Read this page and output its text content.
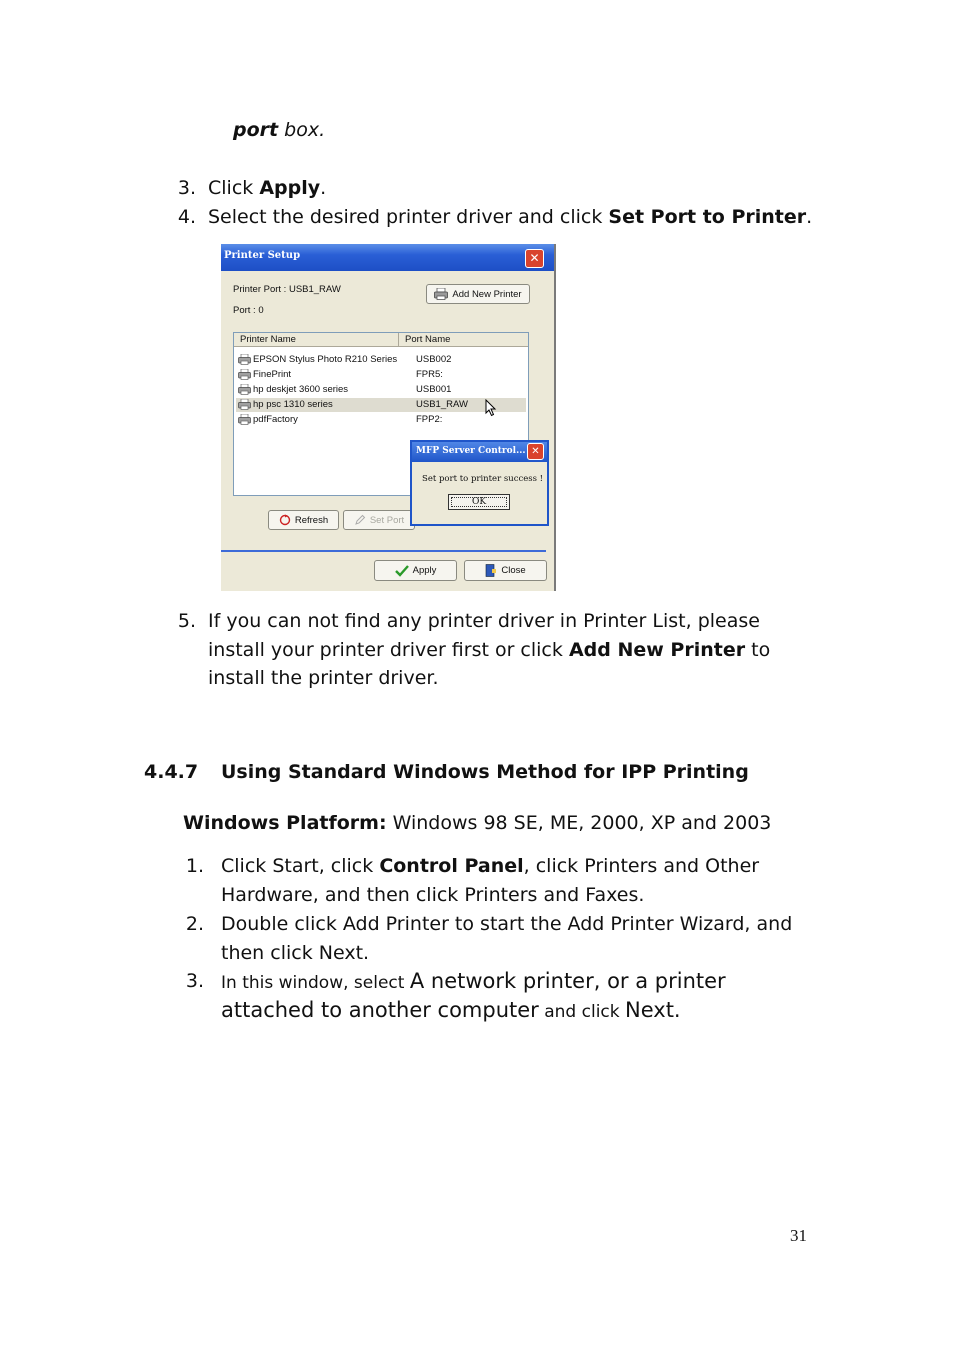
port box.
3. Click Apply.
4. Select the desired printer driver and click Set Port to Printer.
Printer Setup	✕
Printer Port : USB1_RAW
Port : 0
Add New Printer
Printer Name	Port Name
EPSON Stylus Photo R210 Series USB002
FinePrint	FPR5:
hp deskjet 3600 series	USB001
hp psc 1310 series	USB1_RAW
pdfFactory	FPP2:
Refresh	Set Port
MFP Server Control... ✕
Set port to printer success !
OK
Apply	Close
5. If you can not find any printer driver in Printer List, please
install your printer driver first or click Add New Printer to
install the printer driver.
4.4.7 Using Standard Windows Method for IPP Printing
Windows Platform: Windows 98 SE, ME, 2000, XP and 2003
1. Click Start, click Control Panel, click Printers and Other
Hardware, and then click Printers and Faxes.
2. Double click Add Printer to start the Add Printer Wizard, and
then click Next.
3. In this window, select A network printer, or a printer
attached to another computer and click Next.
31
